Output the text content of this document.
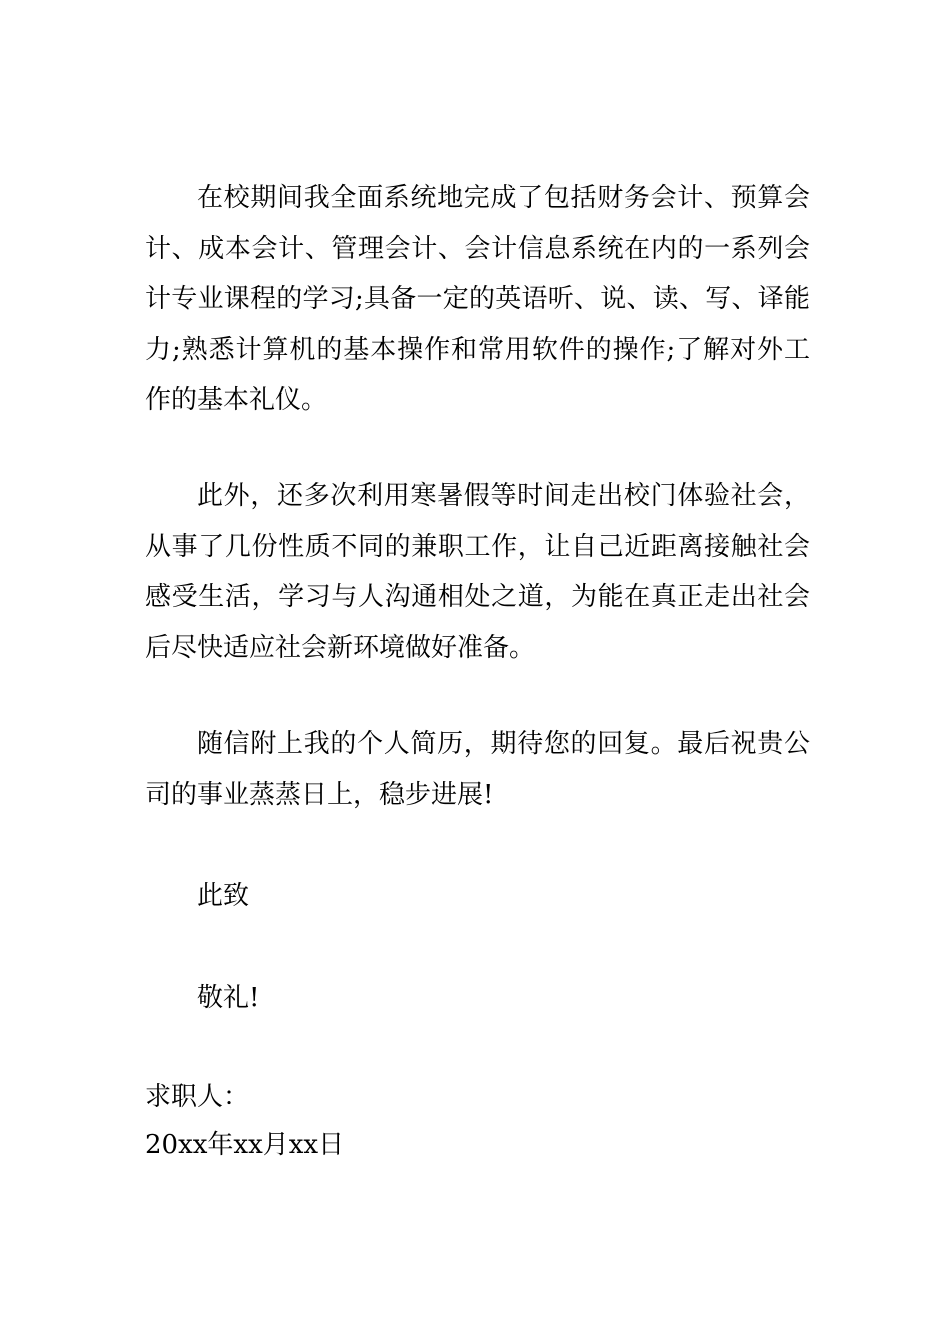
在校期间我全面系统地完成了包括财务会计、预算会计、成本会计、管理会计、会计信息系统在内的一系列会计专业课程的学习;具备一定的英语听、说、读、写、译能力;熟悉计算机的基本操作和常用软件的操作;了解对外工作的基本礼仪。

此外，还多次利用寒暑假等时间走出校门体验社会，从事了几份性质不同的兼职工作，让自己近距离接触社会感受生活，学习与人沟通相处之道，为能在真正走出社会后尽快适应社会新环境做好准备。

随信附上我的个人简历，期待您的回复。最后祝贵公司的事业蒸蒸日上，稳步进展!

此致

敬礼!

求职人：

20xx年xx月xx日
